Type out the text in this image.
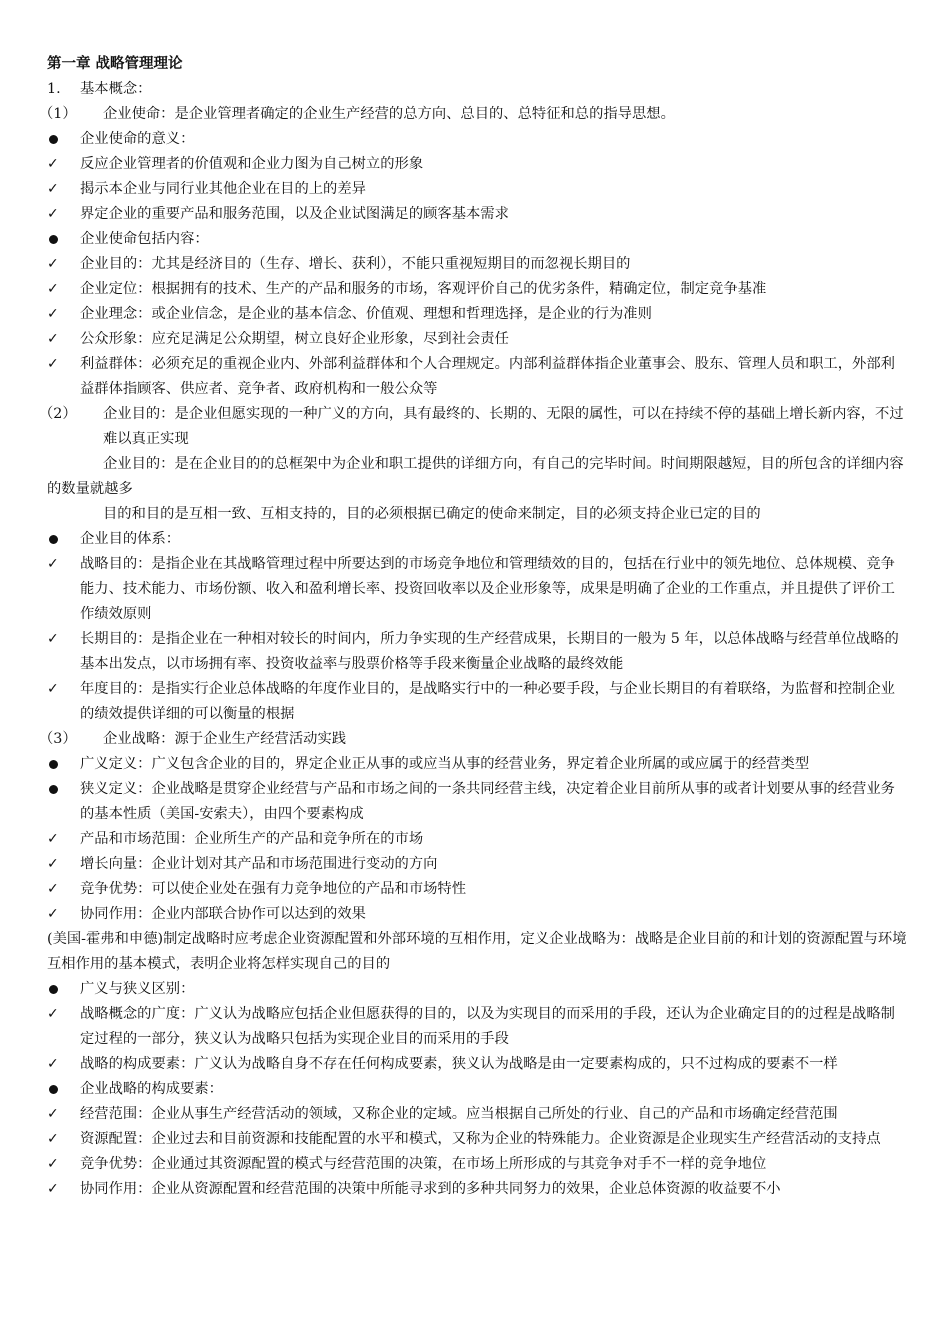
第一章 战略管理理论
1. 基本概念：
（1） 企业使命：是企业管理者确定的企业生产经营的总方向、总目的、总特征和总的指导思想。
企业使命的意义：
✓ 反应企业管理者的价值观和企业力图为自己树立的形象
✓ 揭示本企业与同行业其他企业在目的上的差异
✓ 界定企业的重要产品和服务范围，以及企业试图满足的顾客基本需求
企业使命包括内容：
✓ 企业目的：尤其是经济目的（生存、增长、获利），不能只重视短期目的而忽视长期目的
✓ 企业定位：根据拥有的技术、生产的产品和服务的市场，客观评价自己的优劣条件，精确定位，制定竞争基准
✓ 企业理念：或企业信念，是企业的基本信念、价值观、理想和哲理选择，是企业的行为准则
✓ 公众形象：应充足满足公众期望，树立良好企业形象，尽到社会责任
✓ 利益群体：必须充足的重视企业内、外部利益群体和个人合理规定。内部利益群体指企业董事会、股东、管理人员和职工，外部利益群体指顾客、供应者、竞争者、政府机构和一般公众等
（2） 企业目的：是企业但愿实现的一种广义的方向，具有最终的、长期的、无限的属性，可以在持续不停的基础上增长新内容，不过难以真正实现
企业目的：是在企业目的的总框架中为企业和职工提供的详细方向，有自己的完毕时间。时间期限越短，目的所包含的详细内容的数量就越多
目的和目的是互相一致、互相支持的，目的必须根据已确定的使命来制定，目的必须支持企业已定的目的
企业目的体系：
✓ 战略目的：是指企业在其战略管理过程中所要达到的市场竞争地位和管理绩效的目的，包括在行业中的领先地位、总体规模、竞争能力、技术能力、市场份额、收入和盈利增长率、投资回收率以及企业形象等，成果是明确了企业的工作重点，并且提供了评价工作绩效原则
✓ 长期目的：是指企业在一种相对较长的时间内，所力争实现的生产经营成果，长期目的一般为 5 年，以总体战略与经营单位战略的基本出发点，以市场拥有率、投资收益率与股票价格等手段来衡量企业战略的最终效能
✓ 年度目的：是指实行企业总体战略的年度作业目的，是战略实行中的一种必要手段，与企业长期目的有着联络，为监督和控制企业的绩效提供详细的可以衡量的根据
（3） 企业战略：源于企业生产经营活动实践
广义定义：广义包含企业的目的，界定企业正从事的或应当从事的经营业务，界定着企业所属的或应属于的经营类型
狭义定义：企业战略是贯穿企业经营与产品和市场之间的一条共同经营主线，决定着企业目前所从事的或者计划要从事的经营业务的基本性质（美国-安索夫），由四个要素构成
✓ 产品和市场范围：企业所生产的产品和竞争所在的市场
✓ 增长向量：企业计划对其产品和市场范围进行变动的方向
✓ 竞争优势：可以使企业处在强有力竞争地位的产品和市场特性
✓ 协同作用：企业内部联合协作可以达到的效果
(美国-霍弗和申德)制定战略时应考虑企业资源配置和外部环境的互相作用，定义企业战略为：战略是企业目前的和计划的资源配置与环境互相作用的基本模式，表明企业将怎样实现自己的目的
广义与狭义区别：
✓ 战略概念的广度：广义认为战略应包括企业但愿获得的目的，以及为实现目的而采用的手段，还认为企业确定目的的过程是战略制定过程的一部分，狭义认为战略只包括为实现企业目的而采用的手段
✓ 战略的构成要素：广义认为战略自身不存在任何构成要素，狭义认为战略是由一定要素构成的，只不过构成的要素不一样
企业战略的构成要素：
✓ 经营范围：企业从事生产经营活动的领域，又称企业的定域。应当根据自己所处的行业、自己的产品和市场确定经营范围
✓ 资源配置：企业过去和目前资源和技能配置的水平和模式，又称为企业的特殊能力。企业资源是企业现实生产经营活动的支持点
✓ 竞争优势：企业通过其资源配置的模式与经营范围的决策，在市场上所形成的与其竞争对手不一样的竞争地位
✓ 协同作用：企业从资源配置和经营范围的决策中所能寻求到的多种共同努力的效果，企业总体资源的收益要不小
